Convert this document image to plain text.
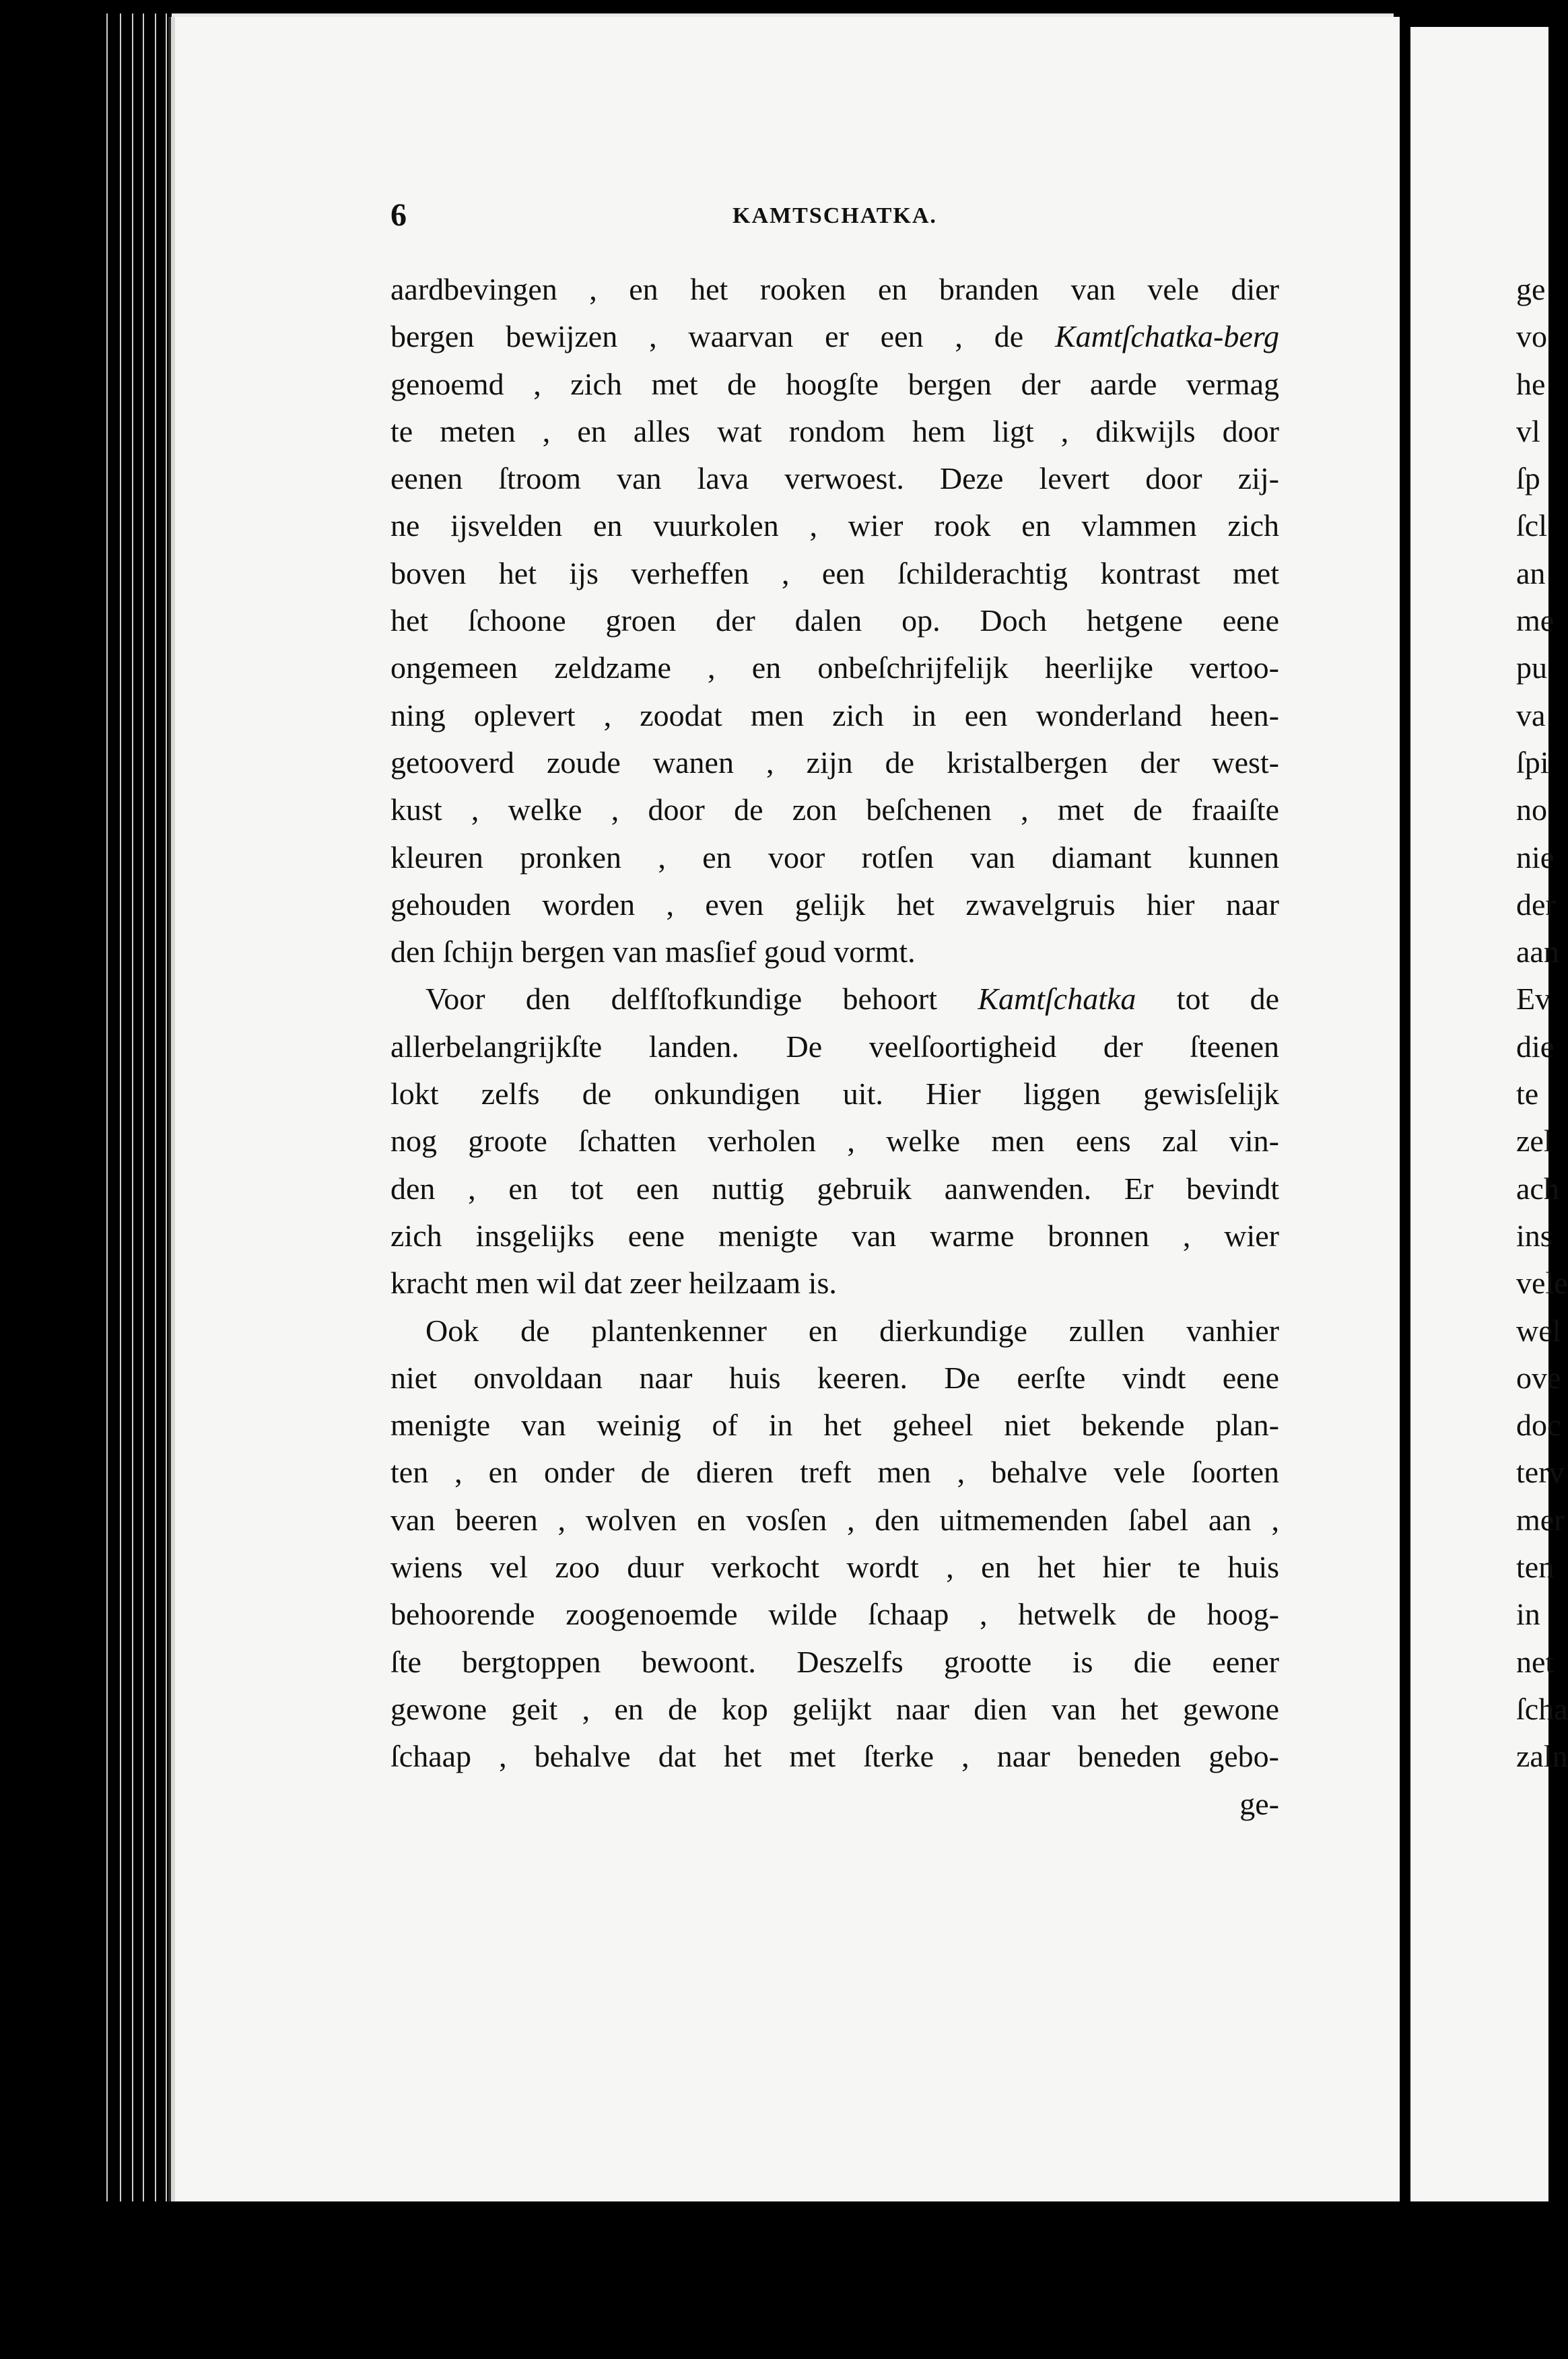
6	KAMTSCHATKA.
aardbevingen , en het rooken en branden van vele dier
bergen bewijzen , waarvan er een , de Kamtſchatka-berg
genoemd , zich met de hoogſte bergen der aarde vermag
te meten , en alles wat rondom hem ligt , dikwijls door
eenen ſtroom van lava verwoest. Deze levert door zij-
ne ijsvelden en vuurkolen , wier rook en vlammen zich
boven het ijs verheffen , een ſchilderachtig kontrast met
het ſchoone groen der dalen op. Doch hetgene eene
ongemeen zeldzame , en onbeſchrijfelijk heerlijke vertoo-
ning oplevert , zoodat men zich in een wonderland heen-
getooverd zoude wanen , zijn de kristalbergen der west-
kust , welke , door de zon beſchenen , met de fraaiſte
kleuren pronken , en voor rotſen van diamant kunnen
gehouden worden , even gelijk het zwavelgruis hier naar
den ſchijn bergen van masſief goud vormt.
Voor den delfſtofkundige behoort Kamtſchatka tot de
allerbelangrijkſte landen. De veelſoortigheid der ſteenen
lokt zelfs de onkundigen uit. Hier liggen gewisſelijk
nog groote ſchatten verholen , welke men eens zal vin-
den , en tot een nuttig gebruik aanwenden. Er bevindt
zich insgelijks eene menigte van warme bronnen , wier
kracht men wil dat zeer heilzaam is.
Ook de plantenkenner en dierkundige zullen vanhier
niet onvoldaan naar huis keeren. De eerſte vindt eene
menigte van weinig of in het geheel niet bekende plan-
ten , en onder de dieren treft men , behalve vele ſoorten
van beeren , wolven en vosſen , den uitmemenden ſabel aan ,
wiens vel zoo duur verkocht wordt , en het hier te huis
behoorende zoogenoemde wilde ſchaap , hetwelk de hoog-
ſte bergtoppen bewoont. Deszelfs grootte is die eener
gewone geit , en de kop gelijkt naar dien van het gewone
ſchaap , behalve dat het met ſterke , naar beneden gebo-
ge-
ge
vo
he
vl
ſp
ſcl
an
me
pu
va
ſpi
no
nie
der
aan
Ev
die
te
zel
ach
ins
vele
wel
ove
doc
terv
mer
ten
in
net
ſcha
zaln
